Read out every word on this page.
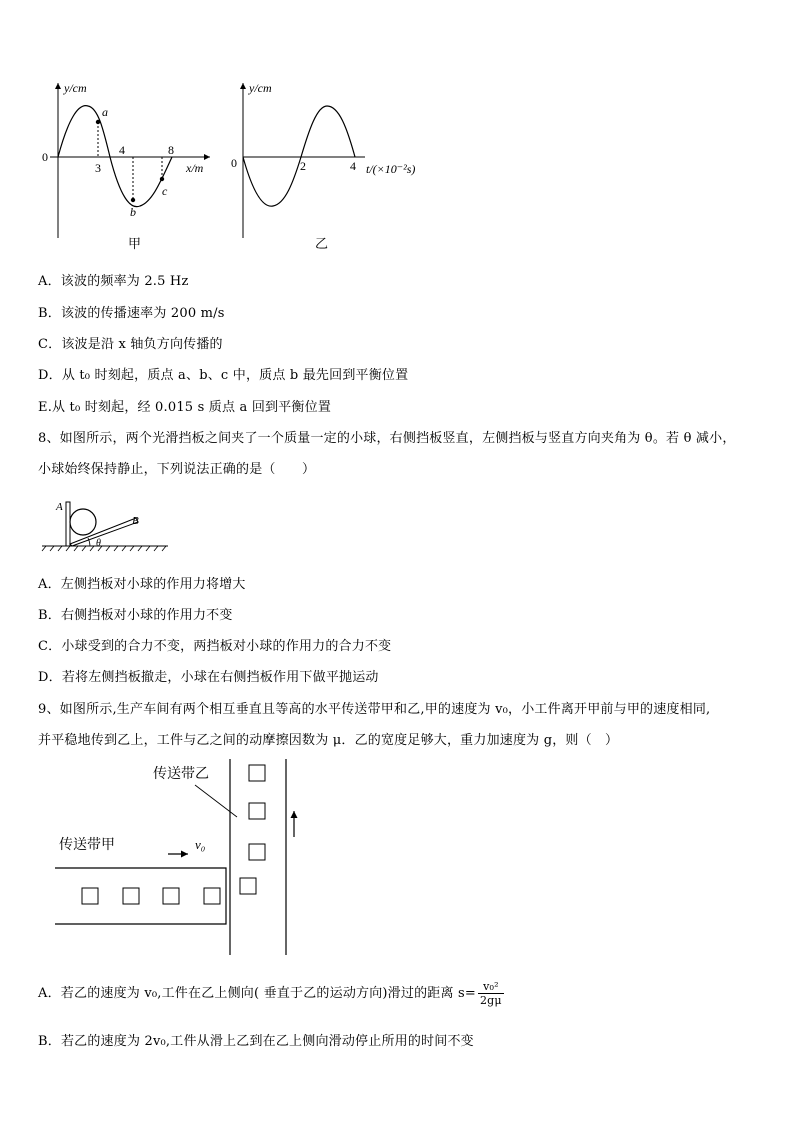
y/cm
0
3
4	8
x/m
a
b
c
甲
y/cm
0	2	4 t/(×10⁻²s)
乙
A．该波的频率为 2.5 Hz
B．该波的传播速率为 200 m/s
C．该波是沿 x 轴负方向传播的
D．从 t₀ 时刻起，质点 a、b、c 中，质点 b 最先回到平衡位置
E.从 t₀ 时刻起，经 0.015 s 质点 a 回到平衡位置
8、如图所示，两个光滑挡板之间夹了一个质量一定的小球，右侧挡板竖直，左侧挡板与竖直方向夹角为 θ。若 θ 减小，
小球始终保持静止，下列说法正确的是（　　）
A
B
θ
A．左侧挡板对小球的作用力将增大
B．右侧挡板对小球的作用力不变
C．小球受到的合力不变，两挡板对小球的作用力的合力不变
D．若将左侧挡板撤走，小球在右侧挡板作用下做平抛运动
9、如图所示,生产车间有两个相互垂直且等高的水平传送带甲和乙,甲的速度为 v₀，小工件离开甲前与甲的速度相同,
并平稳地传到乙上，工件与乙之间的动摩擦因数为 μ．乙的宽度足够大，重力加速度为 g，则（　）
传送带乙
传送带甲	v₀
A．若乙的速度为 v₀,工件在乙上侧向( 垂直于乙的运动方向)滑过的距离 $s= \frac{\text{v₀²}}{2g\mu}$
B．若乙的速度为 2v₀,工件从滑上乙到在乙上侧向滑动停止所用的时间不变
